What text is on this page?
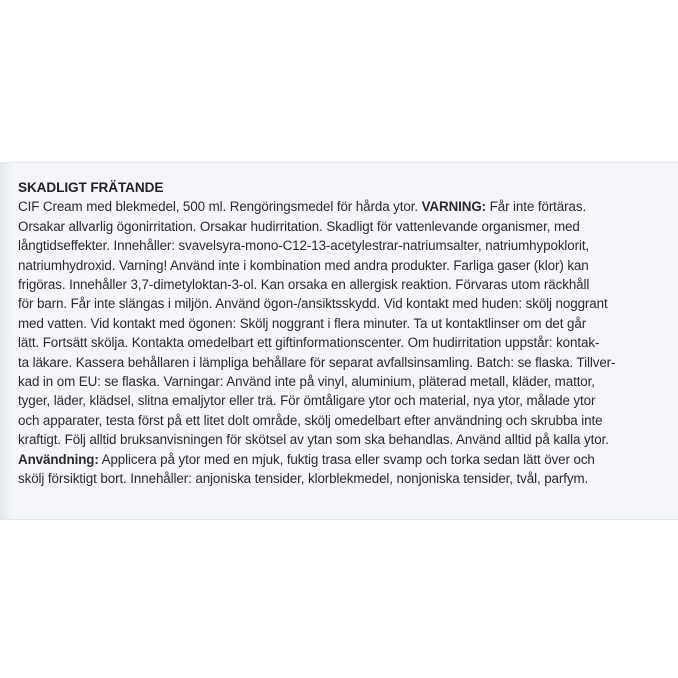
SKADLIGT FRÄTANDE
CIF Cream med blekmedel, 500 ml. Rengöringsmedel för hårda ytor. VARNING: Får inte förtäras.
Orsakar allvarlig ögonirritation. Orsakar hudirritation. Skadligt för vattenlevande organismer, med
långtidseffekter. Innehåller: svavelsyra-mono-C12-13-acetylestrar-natriumsalter, natriumhypoklorit,
natriumhydroxid. Varning! Använd inte i kombination med andra produkter. Farliga gaser (klor) kan
frigöras. Innehåller 3,7-dimetyloktan-3-ol. Kan orsaka en allergisk reaktion. Förvaras utom räckhåll
för barn. Får inte slängas i miljön. Använd ögon-/ansiktsskydd. Vid kontakt med huden: skölj noggrant
med vatten. Vid kontakt med ögonen: Skölj noggrant i flera minuter. Ta ut kontaktlinser om det går
lätt. Fortsätt skölja. Kontakta omedelbart ett giftinformationscenter. Om hudirritation uppstår: kontak-
ta läkare. Kassera behållaren i lämpliga behållare för separat avfallsinsamling. Batch: se flaska. Tillver-
kad in om EU: se flaska. Varningar: Använd inte på vinyl, aluminium, pläterad metall, kläder, mattor,
tyger, läder, klädsel, slitna emaljytor eller trä. För ömtåligare ytor och material, nya ytor, målade ytor
och apparater, testa först på ett litet dolt område, skölj omedelbart efter användning och skrubba inte
kraftigt. Följ alltid bruksanvisningen för skötsel av ytan som ska behandlas. Använd alltid på kalla ytor.
Användning: Applicera på ytor med en mjuk, fuktig trasa eller svamp och torka sedan lätt över och
skölj försiktigt bort. Innehåller: anjoniska tensider, klorblekmedel, nonjoniska tensider, tvål, parfym.
